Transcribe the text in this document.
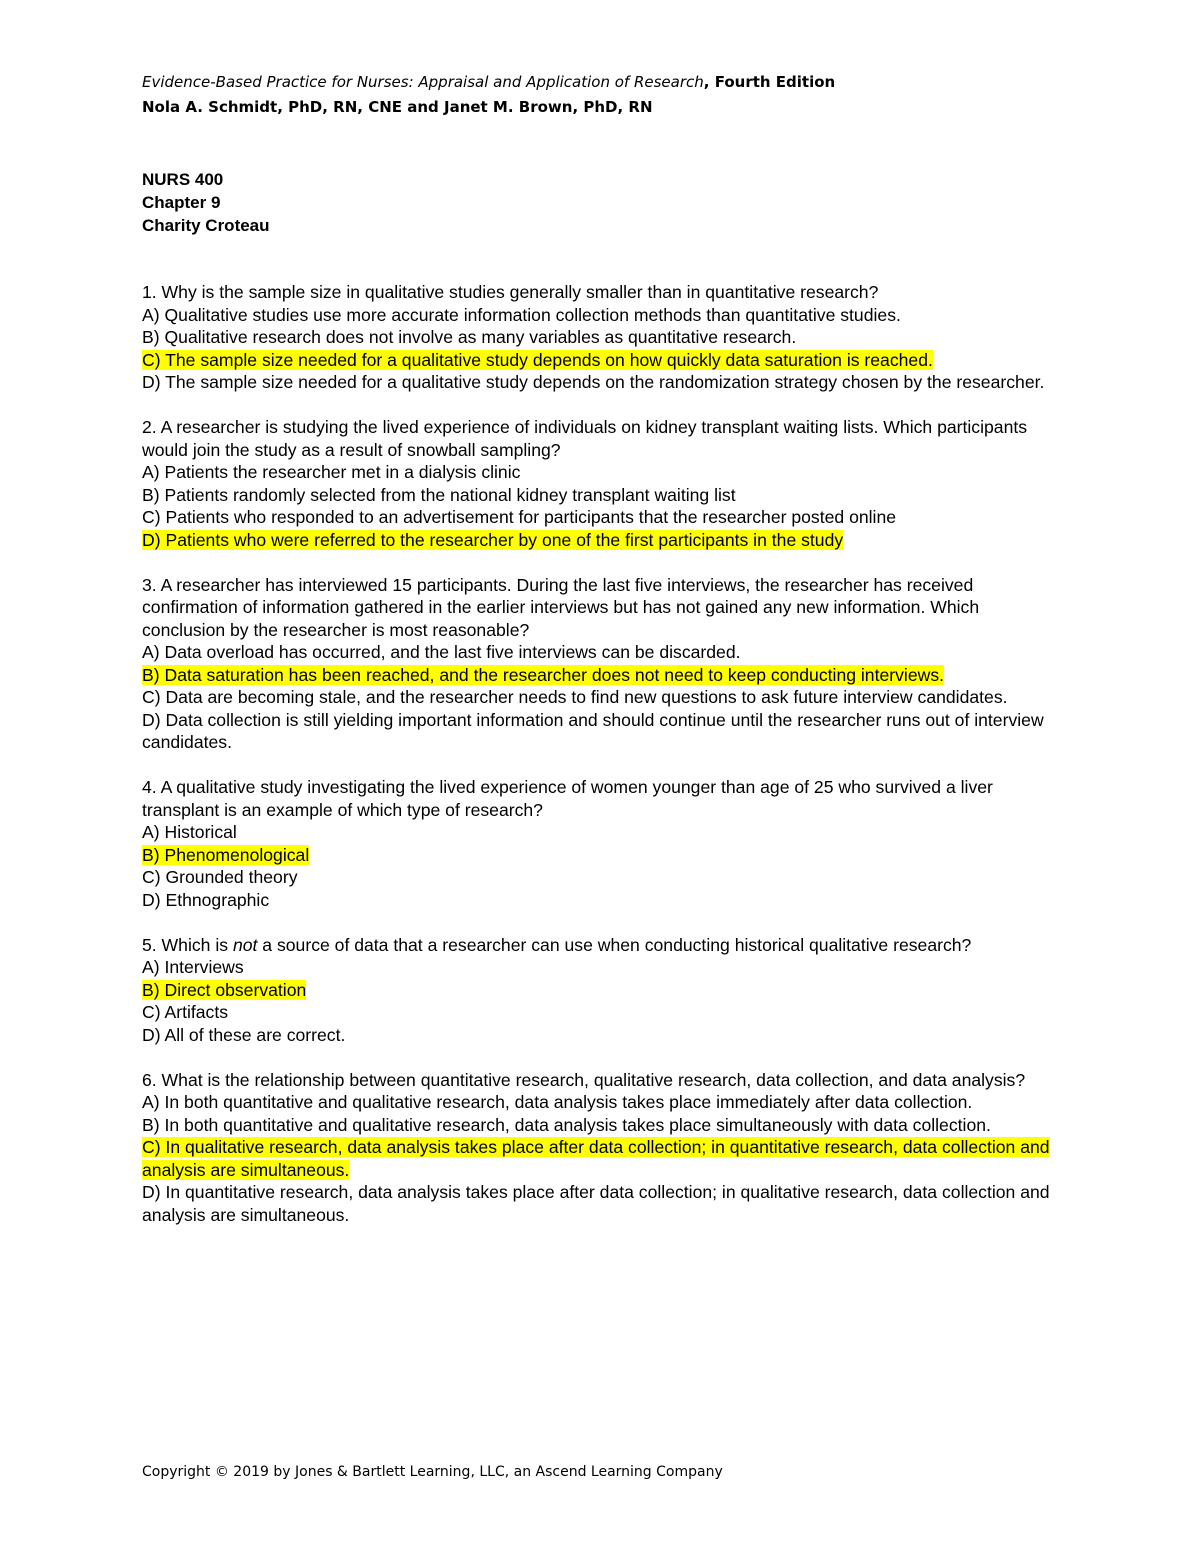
Evidence-Based Practice for Nurses: Appraisal and Application of Research, Fourth Edition
Nola A. Schmidt, PhD, RN, CNE and Janet M. Brown, PhD, RN
NURS 400
Chapter 9
Charity Croteau

1. Why is the sample size in qualitative studies generally smaller than in quantitative research?

A) Qualitative studies use more accurate information collection methods than quantitative studies.
B) Qualitative research does not involve as many variables as quantitative research.
C) The sample size needed for a qualitative study depends on how quickly data saturation is reached.
D) The sample size needed for a qualitative study depends on the randomization strategy chosen by the researcher.

2. A researcher is studying the lived experience of individuals on kidney transplant waiting lists. Which participants would join the study as a result of snowball sampling?

A) Patients the researcher met in a dialysis clinic
B) Patients randomly selected from the national kidney transplant waiting list
C) Patients who responded to an advertisement for participants that the researcher posted online
D) Patients who were referred to the researcher by one of the first participants in the study

3. A researcher has interviewed 15 participants. During the last five interviews, the researcher has received confirmation of information gathered in the earlier interviews but has not gained any new information. Which conclusion by the researcher is most reasonable?

A) Data overload has occurred, and the last five interviews can be discarded.
B) Data saturation has been reached, and the researcher does not need to keep conducting interviews.
C) Data are becoming stale, and the researcher needs to find new questions to ask future interview candidates.
D) Data collection is still yielding important information and should continue until the researcher runs out of interview candidates.

4. A qualitative study investigating the lived experience of women younger than age of 25 who survived a liver transplant is an example of which type of research?

A) Historical
B) Phenomenological
C) Grounded theory
D) Ethnographic

5. Which is not a source of data that a researcher can use when conducting historical qualitative research?

A) Interviews
B) Direct observation
C) Artifacts
D) All of these are correct.

6. What is the relationship between quantitative research, qualitative research, data collection, and data analysis?

A) In both quantitative and qualitative research, data analysis takes place immediately after data collection.
B) In both quantitative and qualitative research, data analysis takes place simultaneously with data collection.
C) In qualitative research, data analysis takes place after data collection; in quantitative research, data collection and analysis are simultaneous.
D) In quantitative research, data analysis takes place after data collection; in qualitative research, data collection and analysis are simultaneous.
Copyright © 2019 by Jones & Bartlett Learning, LLC, an Ascend Learning Company
